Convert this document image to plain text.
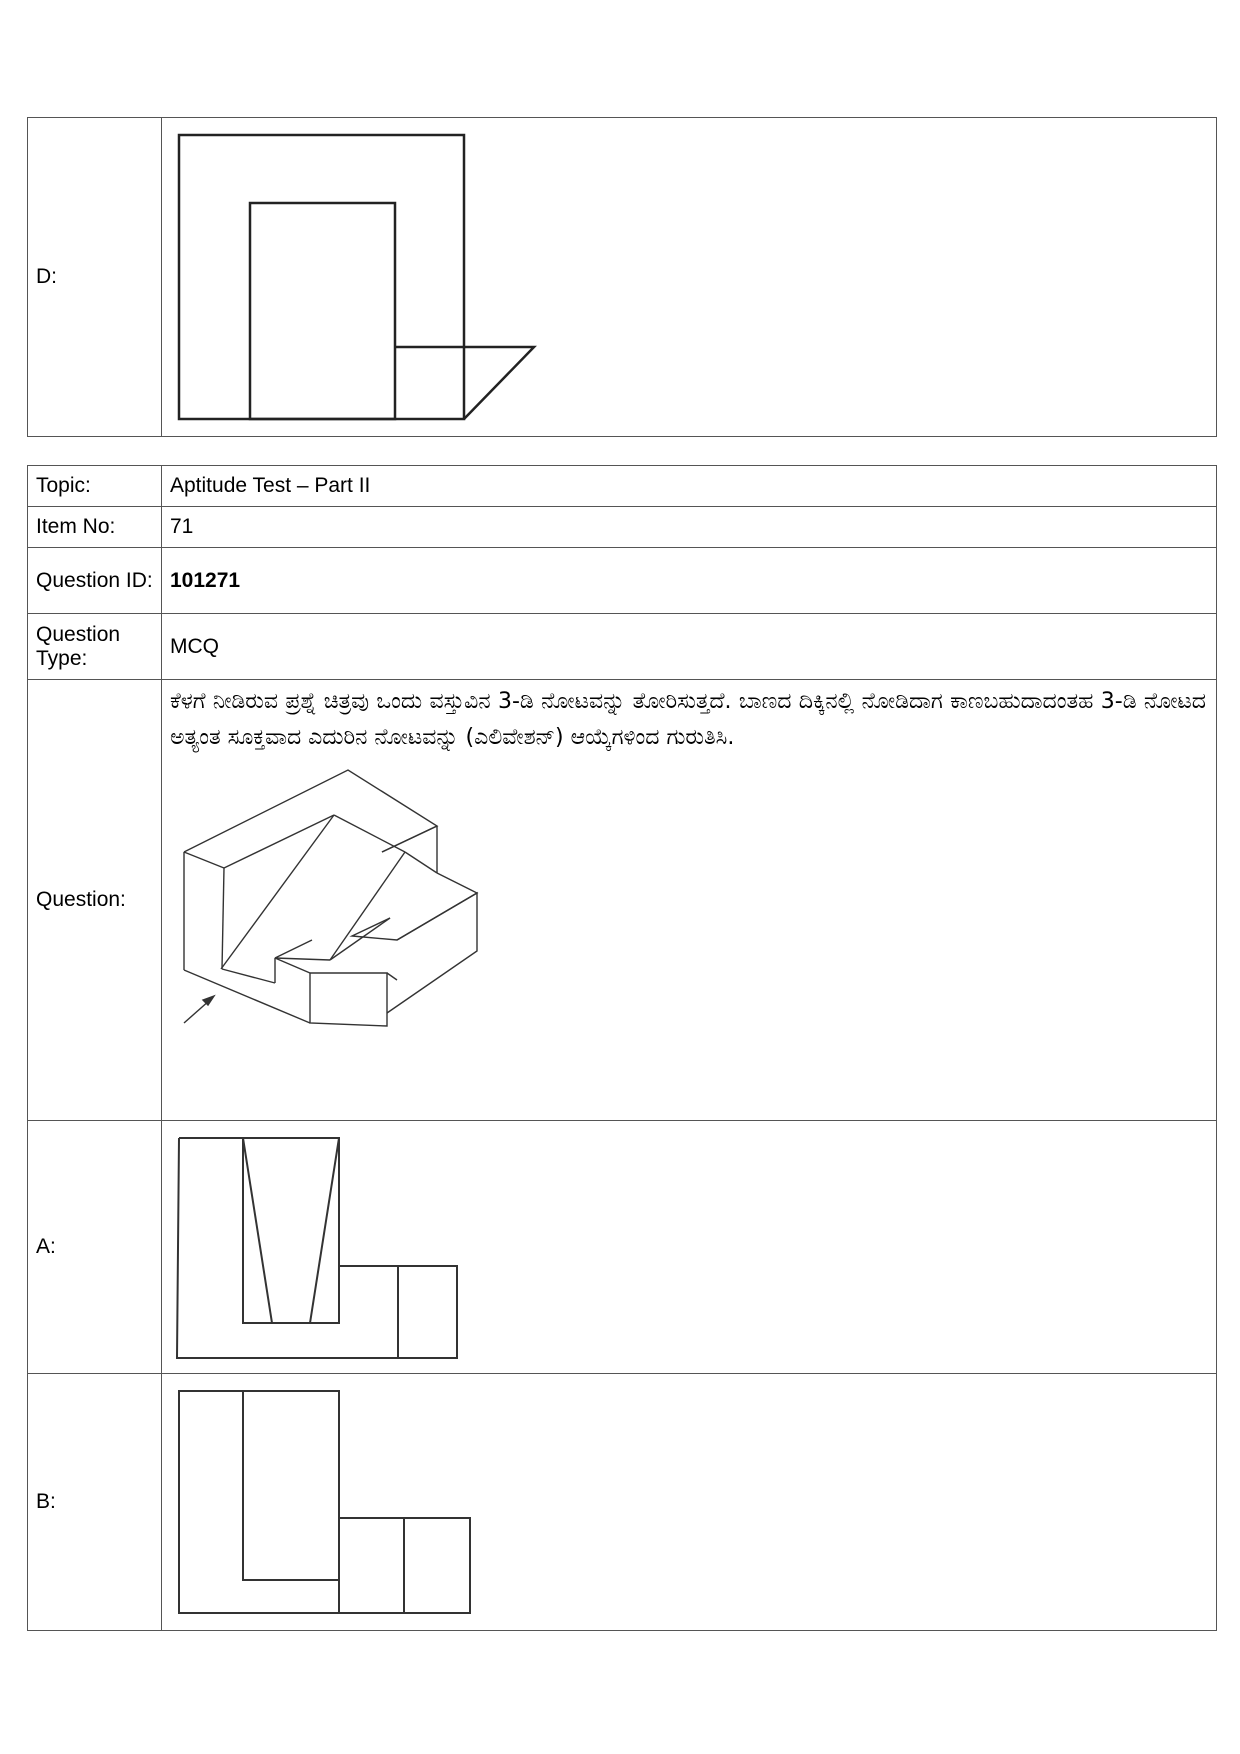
D:	
Topic:	Aptitude Test – Part II
Item No:	71
Question ID:	101271
Question Type:	MCQ
Question:	ಕೆಳಗೆ ನೀಡಿರುವ ಪ್ರಶ್ನೆ ಚಿತ್ರವು ಒಂದು ವಸ್ತುವಿನ 3-ಡಿ ನೋಟವನ್ನು ತೋರಿಸುತ್ತದೆ. ಬಾಣದ ದಿಕ್ಕಿನಲ್ಲಿ ನೋಡಿದಾಗ ಕಾಣಬಹುದಾದಂತಹ 3-ಡಿ ನೋಟದ ಅತ್ಯಂತ ಸೂಕ್ತವಾದ ಎದುರಿನ ನೋಟವನ್ನು (ಎಲಿವೇಶನ್) ಆಯ್ಕೆಗಳಿಂದ ಗುರುತಿಸಿ.

A:	

B:	
